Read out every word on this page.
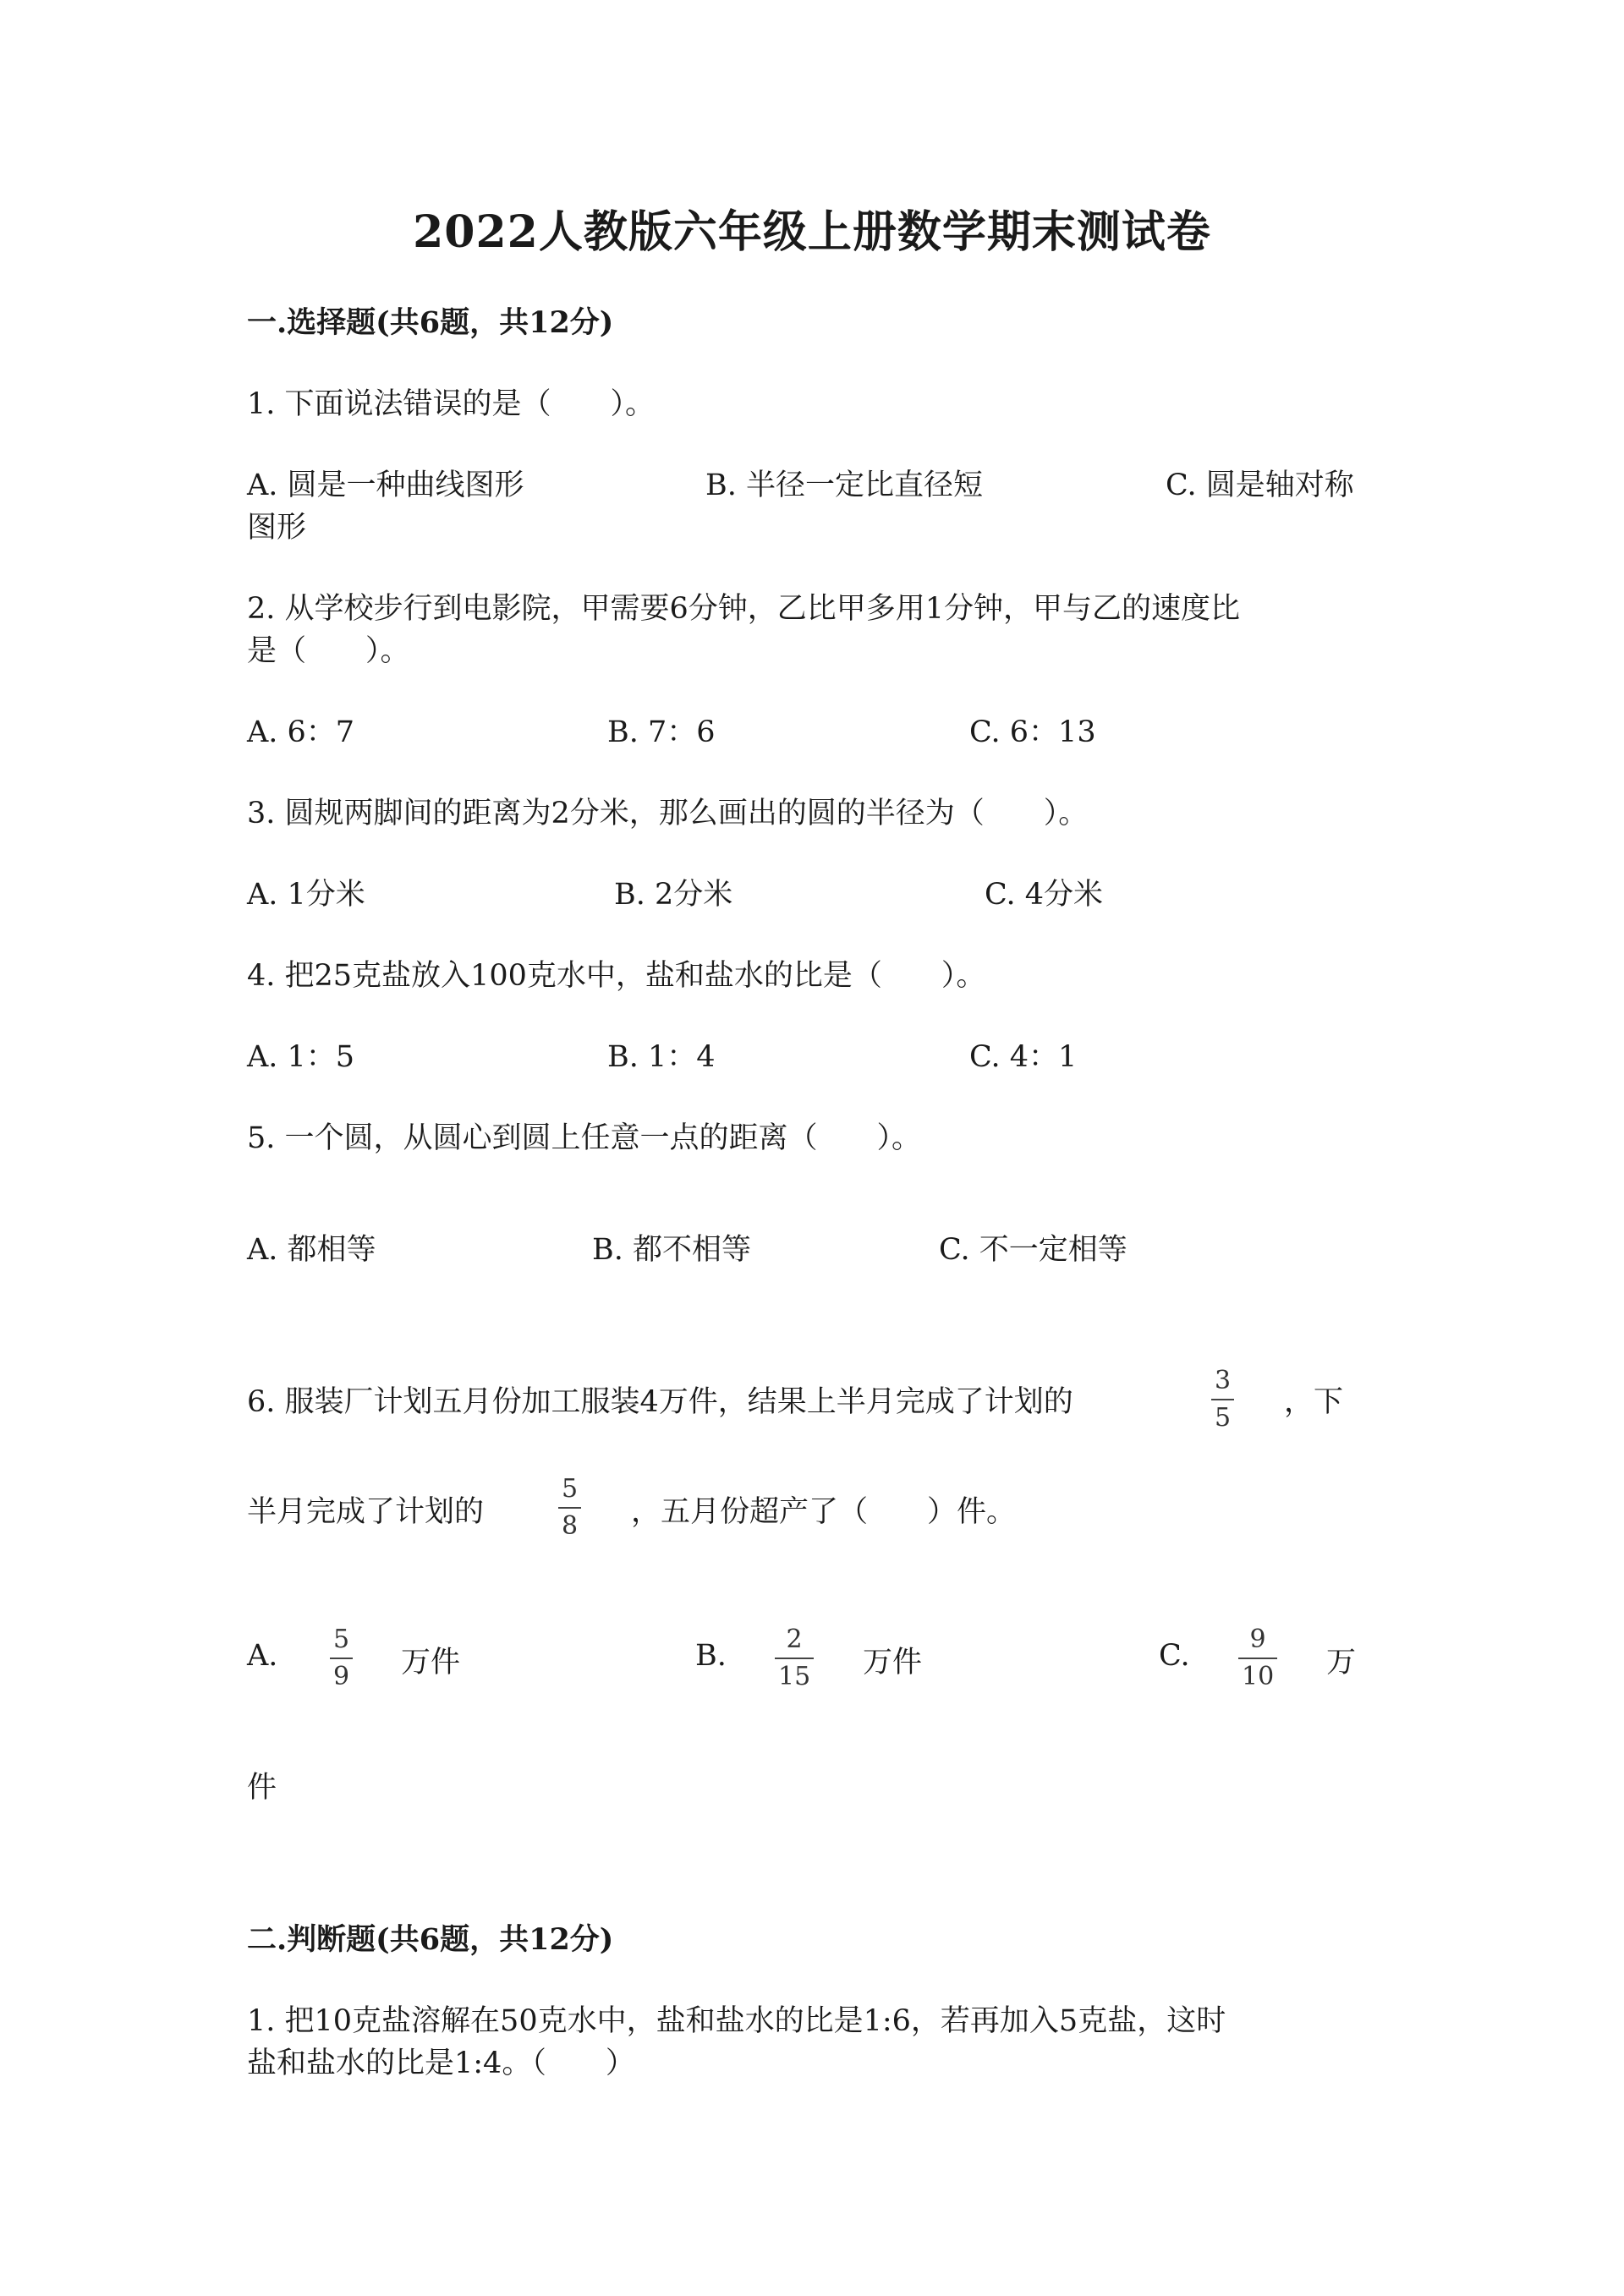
2022人教版六年级上册数学期末测试卷
一.选择题(共6题，共12分)
1. 下面说法错误的是（　　）。
A. 圆是一种曲线图形	B. 半径一定比直径短	C. 圆是轴对称
图形
2. 从学校步行到电影院，甲需要6分钟，乙比甲多用1分钟，甲与乙的速度比
是（　　）。
A. 6：7	B. 7：6	C. 6：13
3. 圆规两脚间的距离为2分米，那么画出的圆的半径为（　　）。
A. 1分米	B. 2分米	C. 4分米
4. 把25克盐放入100克水中，盐和盐水的比是（　　）。
A. 1：5	B. 1：4	C. 4：1
5. 一个圆，从圆心到圆上任意一点的距离（　　）。
A. 都相等	B. 都不相等	C. 不一定相等
6. 服装厂计划五月份加工服装4万件，结果上半月完成了计划的
3
5 ，下
半月完成了计划的
5
8 ，五月份超产了（　　）件。
A. 5
9 万件	B. 2
15 万件	C. 9
10 万
件
二.判断题(共6题，共12分)
1. 把10克盐溶解在50克水中，盐和盐水的比是1:6，若再加入5克盐，这时
盐和盐水的比是1:4。（　　）
